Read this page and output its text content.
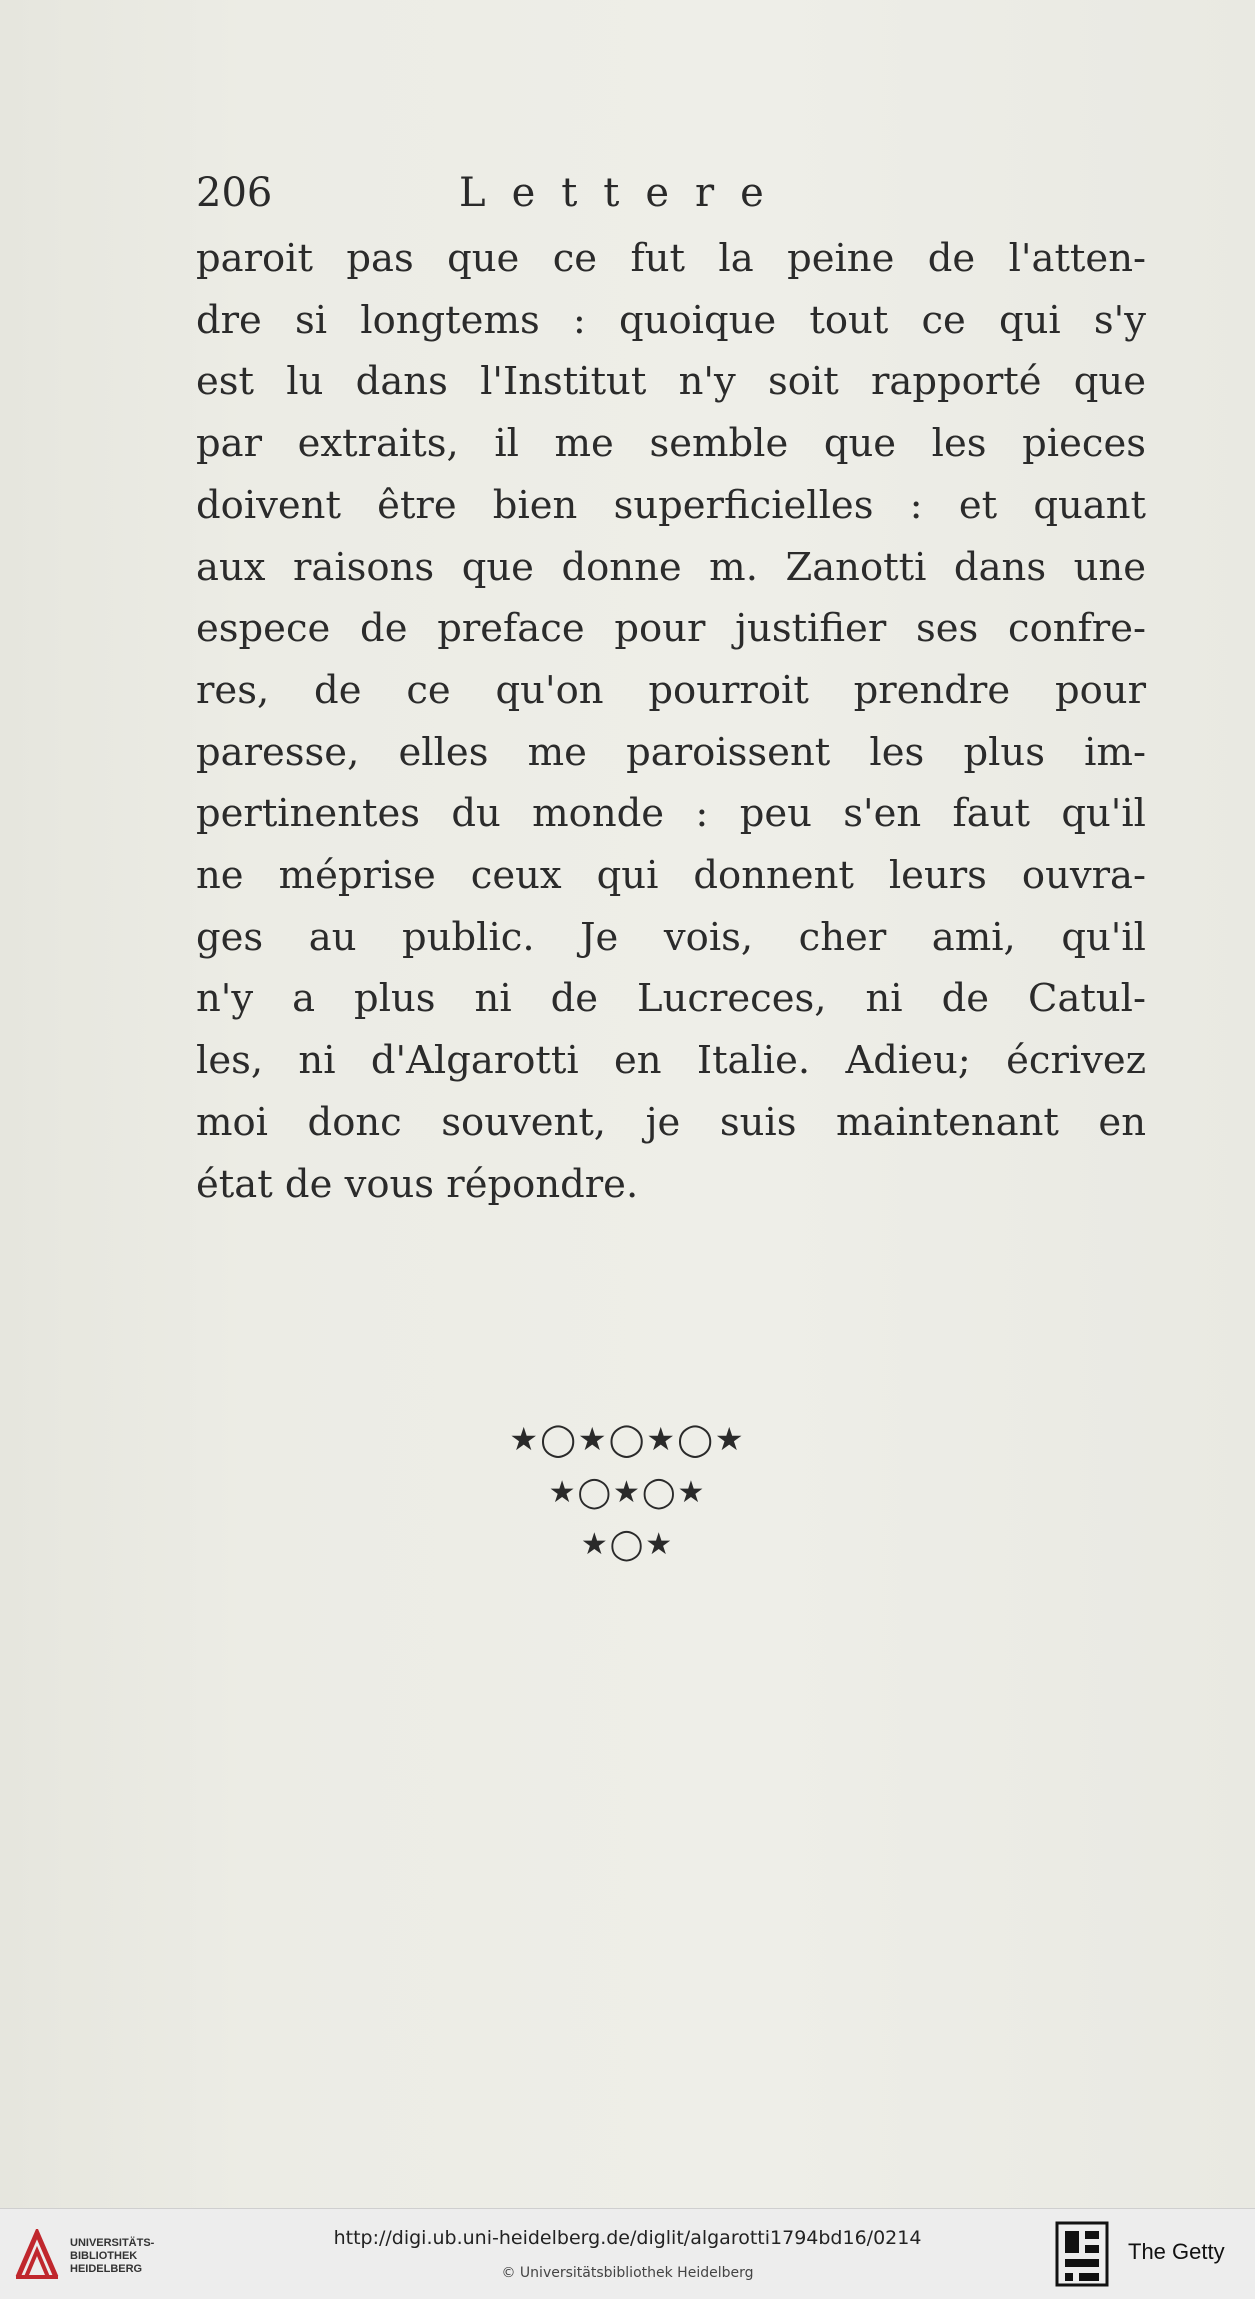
206	Lettere
paroit pas que ce fut la peine de l'atten-
dre si longtems : quoique tout ce qui s'y
est lu dans l'Institut n'y soit rapporté que
par extraits, il me semble que les pieces
doivent être bien superficielles : et quant
aux raisons que donne m. Zanotti dans une
espece de preface pour justifier ses confre-
res, de ce qu'on pourroit prendre pour
paresse, elles me paroissent les plus im-
pertinentes du monde : peu s'en faut qu'il
ne méprise ceux qui donnent leurs ouvra-
ges au public. Je vois, cher ami, qu'il
n'y a plus ni de Lucreces, ni de Catul-
les, ni d'Algarotti en Italie. Adieu; écrivez
moi donc souvent, je suis maintenant en
état de vous répondre.
★◯★◯★◯★
★◯★◯★
★◯★
UNIVERSITÄTS-
BIBLIOTHEK
HEIDELBERG
http://digi.ub.uni-heidelberg.de/diglit/algarotti1794bd16/0214
© Universitätsbibliothek Heidelberg
The Getty
